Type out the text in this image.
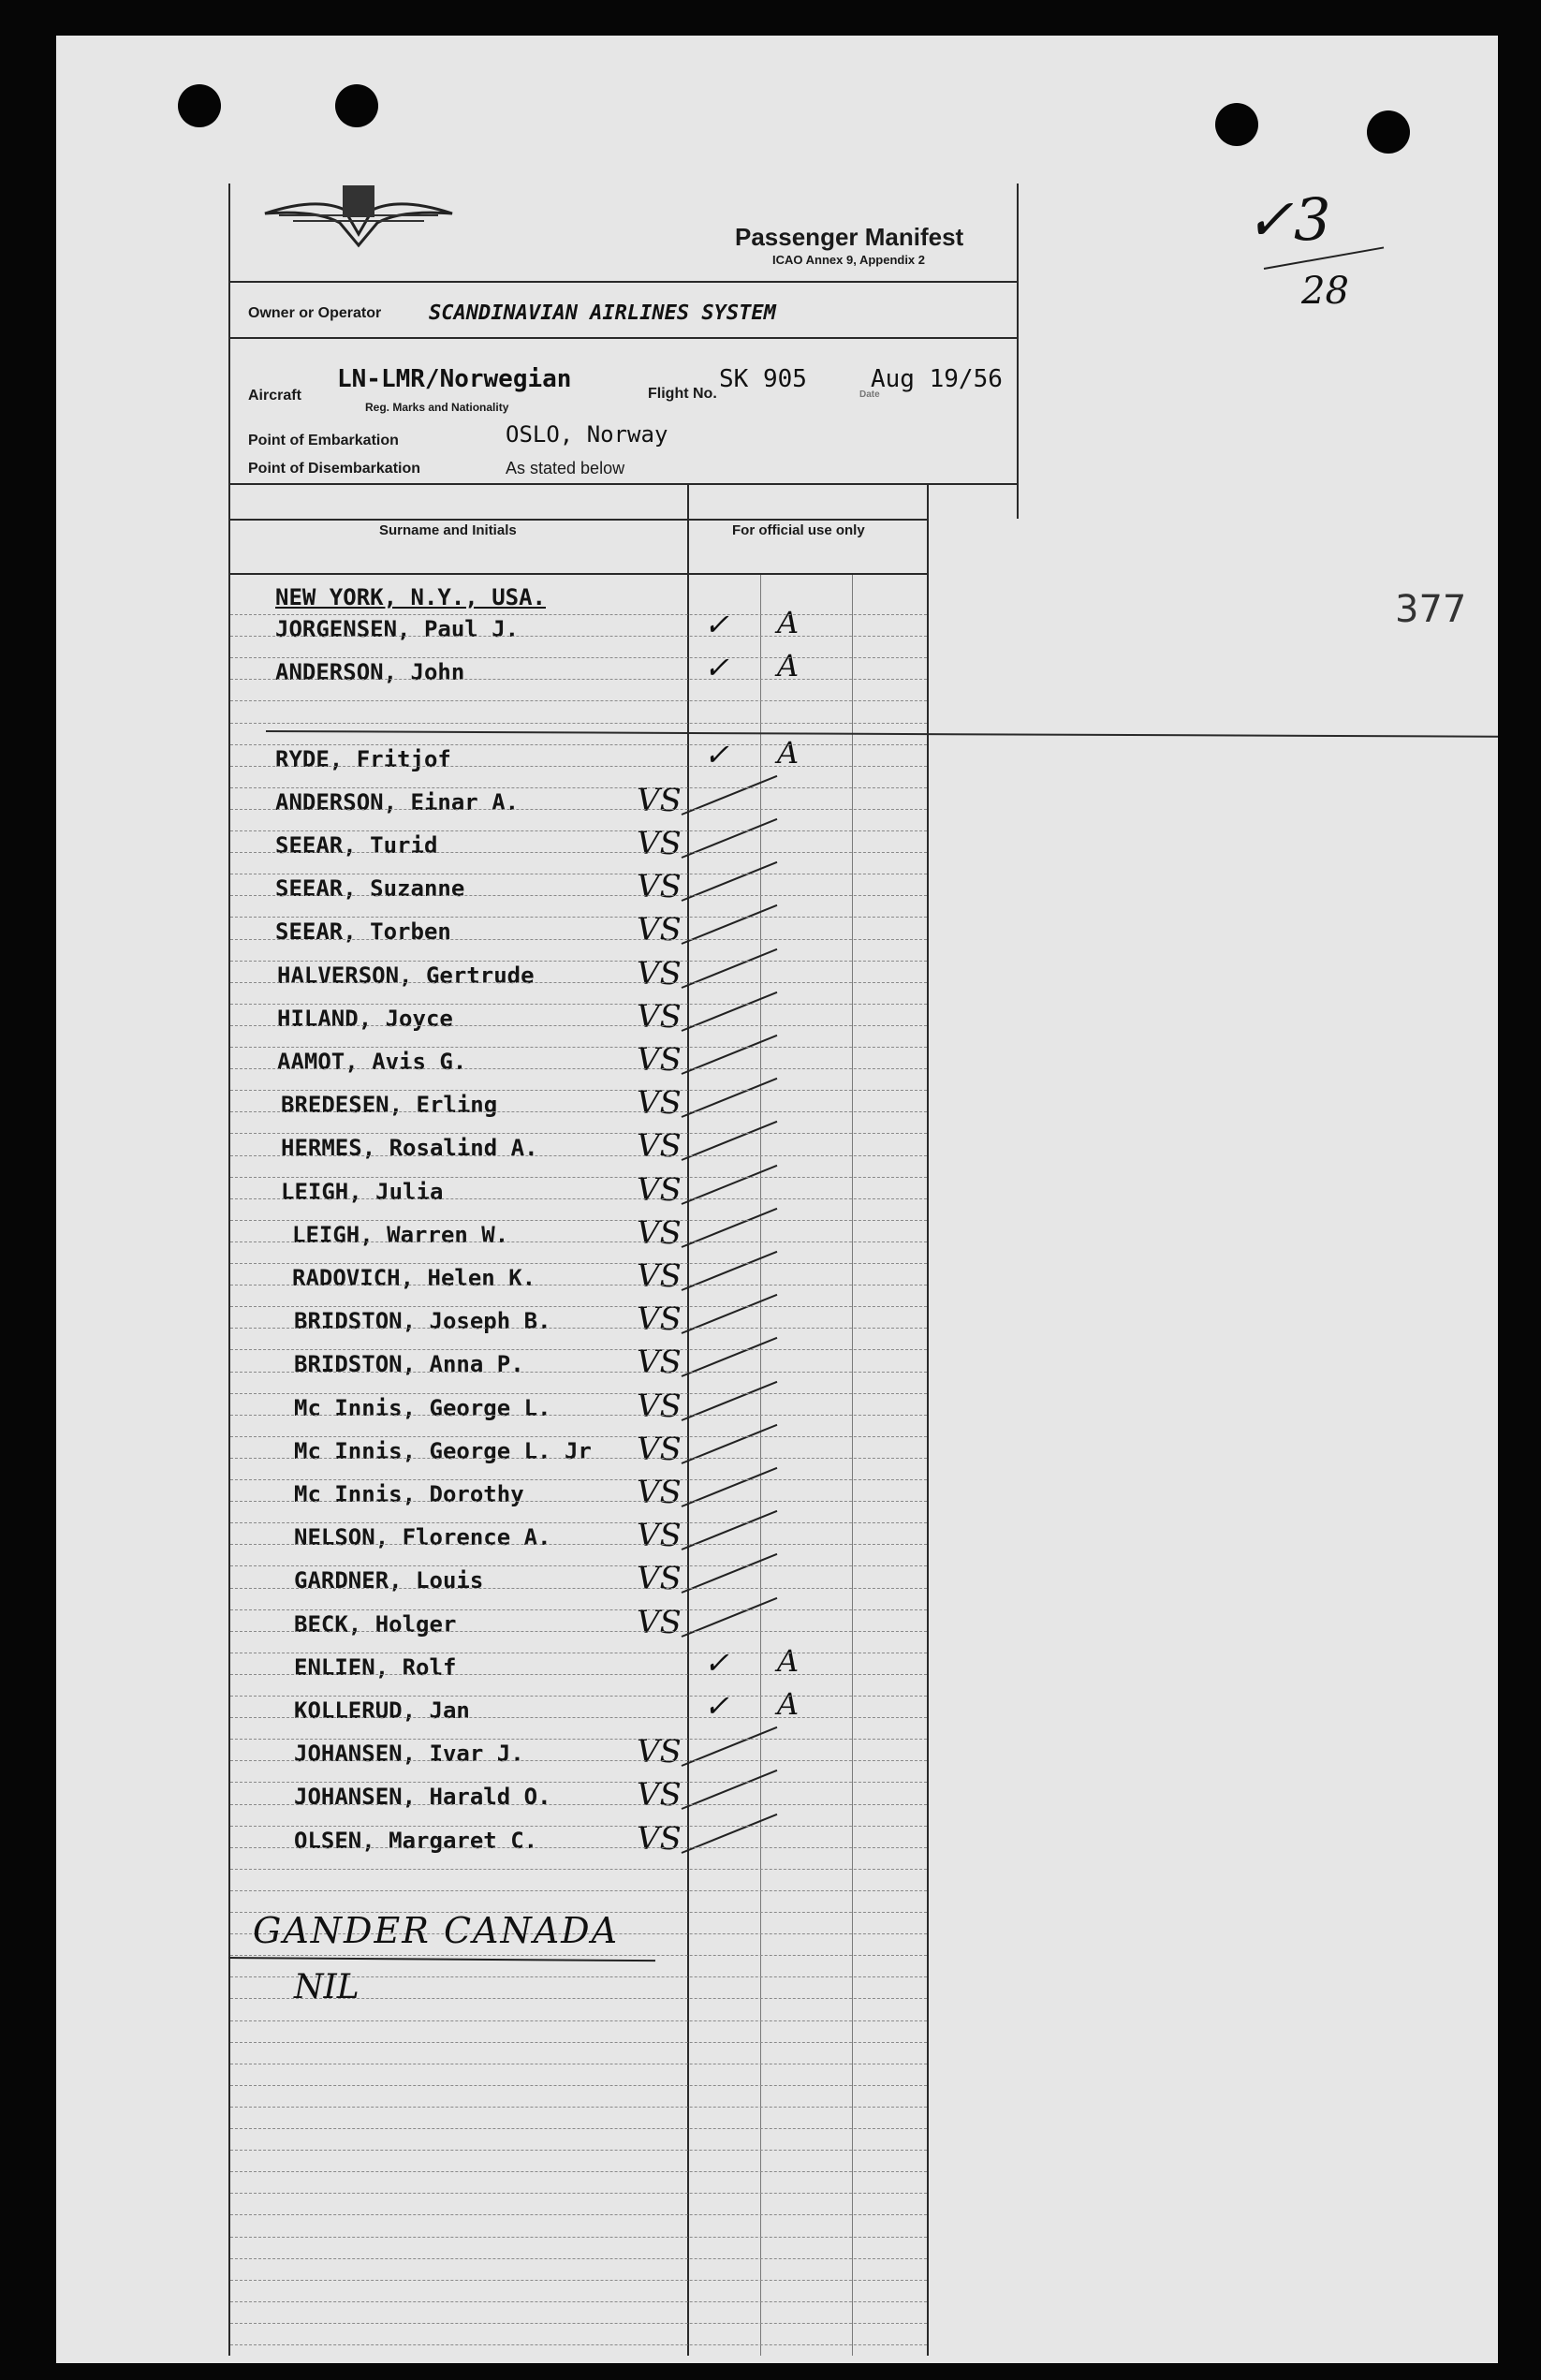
Passenger Manifest
ICAO Annex 9, Appendix 2
Owner or Operator SCANDINAVIAN AIRLINES SYSTEM
Aircraft
LN-LMR/Norwegian
Reg. Marks and Nationality
Flight No.
SK 905
Date
Aug 19/56
Point of Embarkation	OSLO, Norway
Point of Disembarkation	As stated below
Surname and Initials	For official use only
NEW YORK, N.Y., USA.
JORGENSEN, Paul J.	✓ A
ANDERSON, John	✓ A
RYDE, Fritjof	✓ A
ANDERSON, Einar A.	VS
SEEAR, Turid	VS
SEEAR, Suzanne	VS
SEEAR, Torben	VS
HALVERSON, Gertrude	VS
HILAND, Joyce	VS
AAMOT, Avis G.	VS
BREDESEN, Erling	VS
HERMES, Rosalind A.	VS
LEIGH, Julia	VS
LEIGH, Warren W.	VS
RADOVICH, Helen K.	VS
BRIDSTON, Joseph B.	VS
BRIDSTON, Anna P.	VS
Mc Innis, George L.	VS
Mc Innis, George L. Jr VS
Mc Innis, Dorothy	VS
NELSON, Florence A.	VS
GARDNER, Louis	VS
BECK, Holger	VS
ENLIEN, Rolf	✓ A
KOLLERUD, Jan	✓ A
JOHANSEN, Ivar J.	VS
JOHANSEN, Harald O.	VS
OLSEN, Margaret C.	VS
✓3
28
377
GANDER CANADA
NIL
